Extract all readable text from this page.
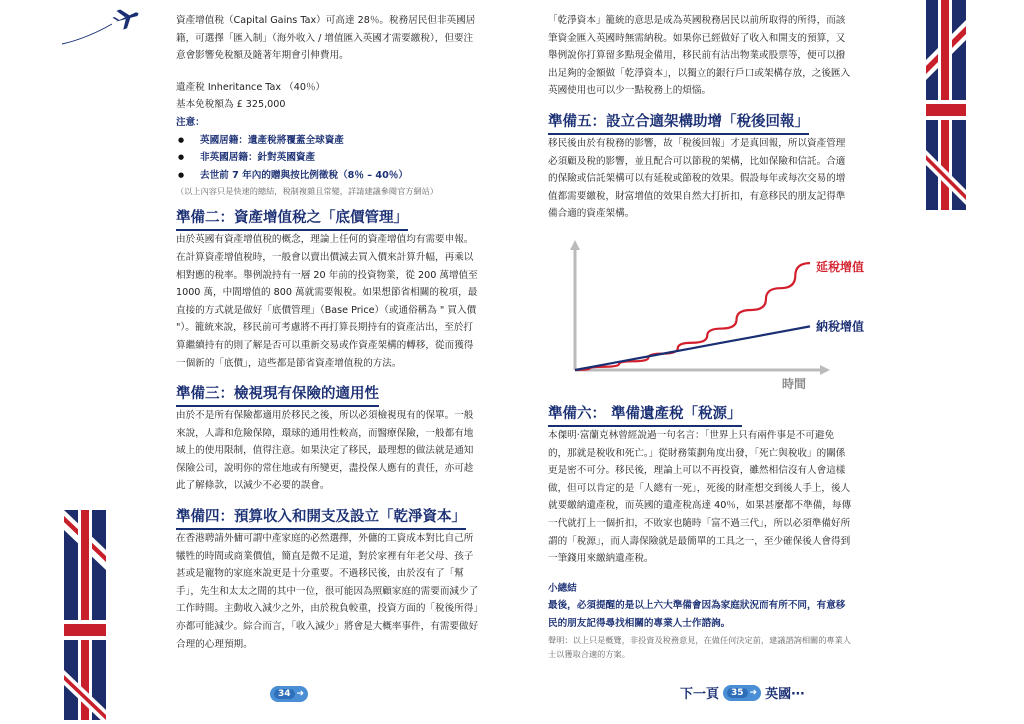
資產增值稅（Capital Gains Tax）可高達 28％。稅務居民但非英國居籍，可選擇「匯入制」（海外收入 / 增值匯入英國才需要繳稅），但要注意會影響免稅額及隨著年期會引伸費用。

遺產稅 Inheritance Tax （40％）

基本免稅額為 £ 325,000

注意：

● 英國居籍：遺產稅將覆蓋全球資產
● 非英國居籍：針對英國資產
● 去世前 7 年內的贈與按比例徵稅（8％ – 40％）

（以上內容只是快速的總結，稅制複雜且常變，詳請建議參閱官方網站）

準備二：資產增值稅之「底價管理」

由於英國有資產增值稅的概念，理論上任何的資產增值均有需要申報。在計算資產增值稅時，一般會以賣出價減去買入價來計算升幅，再乘以相對應的稅率。舉例說持有一層 20 年前的投資物業，從 200 萬增值至 1000 萬，中間增值的 800 萬就需要報稅。如果想節省相關的稅項，最直接的方式就是做好「底價管理」（Base Price）（或通俗稱為 " 買入價 "）。籠統來說，移民前可考慮將不再打算長期持有的資產沽出，至於打算繼續持有的則了解是否可以重新交易或作資產架構的轉移，從而獲得一個新的「底價」，這些都是節省資產增值稅的方法。

準備三：檢視現有保險的適用性

由於不是所有保險都適用於移民之後，所以必須檢視現有的保單。一般來說，人壽和危險保障，環球的通用性較高，而醫療保險，一般都有地域上的使用限制，值得注意。如果決定了移民，最理想的做法就是通知保險公司，說明你的常住地或有所變更，盡投保人應有的責任，亦可趁此了解條款，以減少不必要的誤會。

準備四：預算收入和開支及設立「乾淨資本」

在香港聘請外傭可謂中產家庭的必然選擇，外傭的工資成本對比自己所犧牲的時間或商業價值，簡直是微不足道，對於家裡有年老父母、孩子甚或是寵物的家庭來說更是十分重要。不過移民後，由於沒有了「幫手」，先生和太太之間的其中一位，很可能因為照顧家庭的需要而減少了工作時間。主動收入減少之外，由於稅負較重，投資方面的「稅後所得」亦都可能減少。綜合而言，「收入減少」將會是大概率事件，有需要做好合理的心理預期。

「乾淨資本」籠統的意思是成為英國稅務居民以前所取得的所得，而該筆資金匯入英國時無需納稅。如果你已經做好了收入和開支的預算，又舉例說你打算留多點現金備用，移民前有沽出物業或股票等，便可以撥出足夠的金額做「乾淨資本」，以獨立的銀行戶口或架構存放，之後匯入英國使用也可以少一點稅務上的煩惱。

準備五：設立合適架構助增「稅後回報」

移民後由於有稅務的影響，故「稅後回報」才是真回報，所以資產管理必須顧及稅的影響，並且配合可以節稅的架構，比如保險和信託。合適的保險或信託架構可以有延稅或節稅的效果。假設每年或每次交易的增值都需要繳稅，財富增值的效果自然大打折扣，有意移民的朋友記得準備合適的資產架構。

延稅增值
納稅增值
時間
準備六： 準備遺產稅「稅源」

本傑明‧富蘭克林曾經說過一句名言：「世界上只有兩件事是不可避免的，那就是稅收和死亡。」從財務策劃角度出發，「死亡與稅收」的關係更是密不可分。移民後，理論上可以不再投資，雖然相信沒有人會這樣做，但可以肯定的是「人總有一死」，死後的財產想交到後人手上，後人就要繳納遺產稅，而英國的遺產稅高達 40％，如果甚麼都不準備，每傳一代就打上一個折扣，不敗家也隨時「富不過三代」，所以必須準備好所謂的「稅源」，而人壽保險就是最簡單的工具之一，至少確保後人會得到一筆錢用來繳納遺產稅。

小總結

最後，必須提醒的是以上六大準備會因為家庭狀況而有所不同，有意移民的朋友記得尋找相關的專業人士作諮詢。

聲明：以上只是概覽，非投資及稅務意見，在做任何決定前，建議諮詢相關的專業人士以獲取合適的方案。

34 ➜	下一頁	35 ➜ 英國‧‧‧
